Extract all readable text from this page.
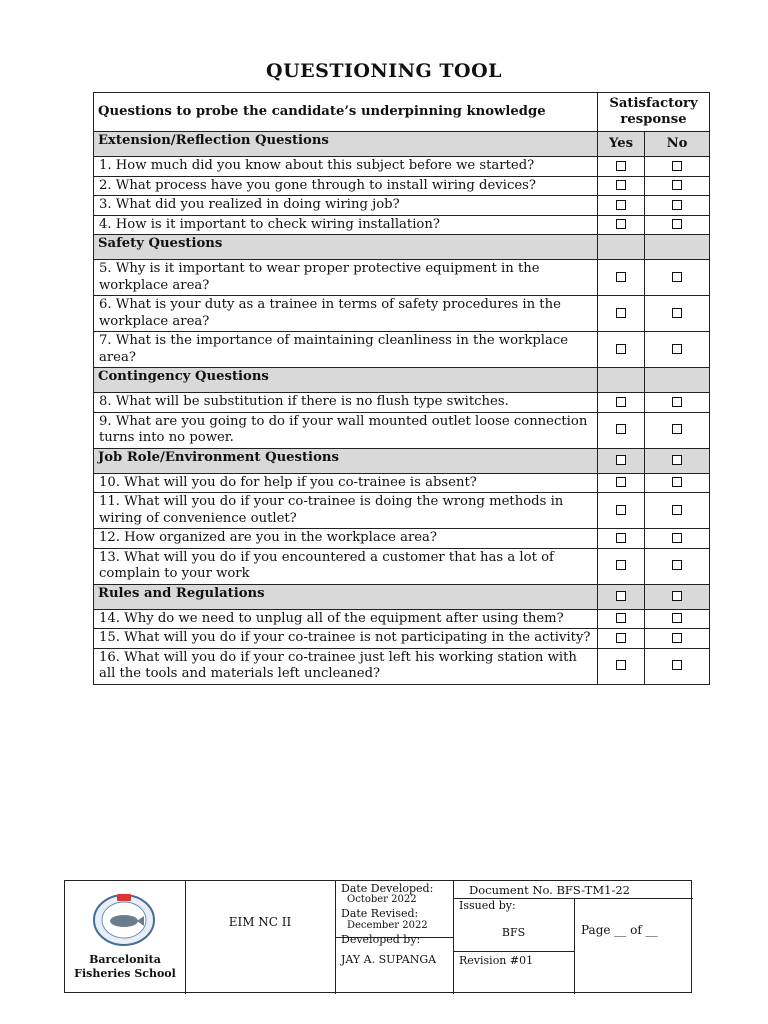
QUESTIONING TOOL
Questions to probe the candidate’s underpinning knowledge	Satisfactory response	
Extension/Reflection Questions	Yes	No
1. How much did you know about this subject before we started?		
2. What process have you gone through to install wiring devices?		
3. What did you realized in doing wiring job?		
4. How is it important to check wiring installation?		
Safety Questions		
5. Why is it important to wear proper protective equipment in the workplace area?		
6. What is your duty as a trainee in terms of safety procedures in the workplace area?		
7. What is the importance of maintaining cleanliness in the workplace area?		
Contingency Questions		
8. What will be substitution if there is no flush type switches.		
9. What are you going to do if your wall mounted outlet loose connection turns into no power.		
Job Role/Environment Questions		
10. What will you do for help if you co-trainee is absent?		
11. What will you do if your co-trainee is doing the wrong methods in wiring of convenience outlet?		
12. How organized are you in the workplace area?		
13. What will you do if you encountered a customer that has a lot of complain to your work		
Rules and Regulations		
14. Why do we need to unplug all of the equipment after using them?		
15. What will you do if your co-trainee is not participating in the activity?		
16. What will you do if your co-trainee just left his working station with all the tools and materials left uncleaned?		
Barcelonita Fisheries School
EIM NC II
Date Developed:
October 2022
Date Revised:
December 2022
Developed by:
JAY A. SUPANGA
Document No. BFS-TM1-22
Issued by:
BFS
Revision #01
Page __ of __
